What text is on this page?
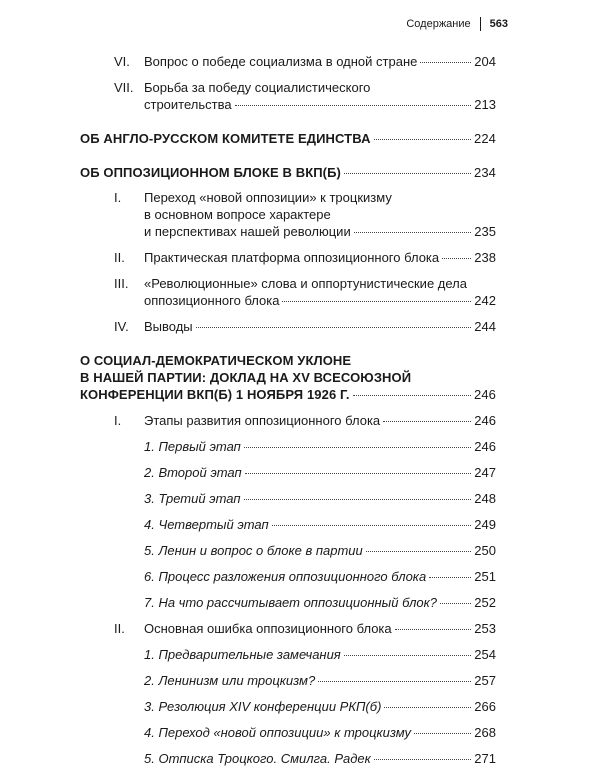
Содержание 563
VI.	Вопрос о победе социализма в одной стране	204
VII. Борьба за победу социалистического
строительства	213
ОБ АНГЛО-РУССКОМ КОМИТЕТЕ ЕДИНСТВА	224
ОБ ОППОЗИЦИОННОМ БЛОКЕ В ВКП(Б)	234
I.	Переход «новой оппозиции» к троцкизму
в основном вопросе характере
и перспективах нашей революции	235
II.	Практическая платформа оппозиционного блока	238
III.	«Революционные» слова и оппортунистические дела
оппозиционного блока	242
IV.	Выводы	244
О СОЦИАЛ-ДЕМОКРАТИЧЕСКОМ УКЛОНЕ
В НАШЕЙ ПАРТИИ: ДОКЛАД НА XV ВСЕСОЮЗНОЙ
КОНФЕРЕНЦИИ ВКП(Б) 1 НОЯБРЯ 1926 Г.	246
I.	Этапы развития оппозиционного блока	246
1. Первый этап	246
2. Второй этап	247
3. Третий этап	248
4. Четвертый этап	249
5. Ленин и вопрос о блоке в партии	250
6. Процесс разложения оппозиционного блока	251
7. На что рассчитывает оппозиционный блок?	252
II.	Основная ошибка оппозиционного блока	253
1. Предварительные замечания	254
2. Ленинизм или троцкизм?	257
3. Резолюция XIV конференции РКП(б)	266
4. Переход «новой оппозиции» к троцкизму	268
5. Отписка Троцкого. Смилга. Радек	271
